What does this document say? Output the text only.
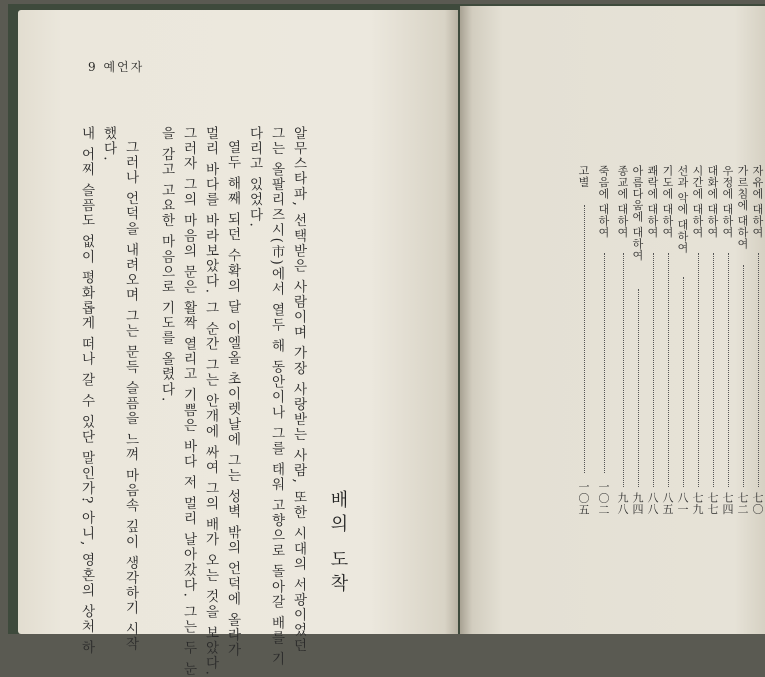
9 예언자
배의 도착
알무스타파, 선택받은 사람이며 가장 사랑받는 사람, 또한 시대의 서광이었던
그는 올팔리즈시(市)에서 열두 해 동안이나 그를 태워 고향으로 돌아갈 배를 기
다리고 있었다.
열두 해째 되던 수확의 달 이엘올 초이렛날에 그는 성벽 밖의 언덕에 올라가
멀리 바다를 바라보았다. 그 순간 그는 안개에 싸여 그의 배가 오는 것을 보았다.
그러자 그의 마음의 문은 활짝 열리고 기쁨은 바다 저 멀리 날아갔다. 그는 두 눈
을 감고 고요한 마음으로 기도를 올렸다.
그러나 언덕을 내려오며 그는 문득 슬픔을 느껴 마음속 깊이 생각하기 시작
했다.
내 어찌 슬픔도 없이 평화롭게 떠나 갈 수 있단 말인가? 아니, 영혼의 상처 하	자유에 대하여
七〇
가르침에 대하여
七二
우정에 대하여
七四
대화에 대하여
七七
시간에 대하여
七九
선과 악에 대하여
八一
기도에 대하여
八五
쾌락에 대하여
八八
아름다움에 대하여
九四
종교에 대하여
九八
죽음에 대하여
一〇二
고별
一〇五
